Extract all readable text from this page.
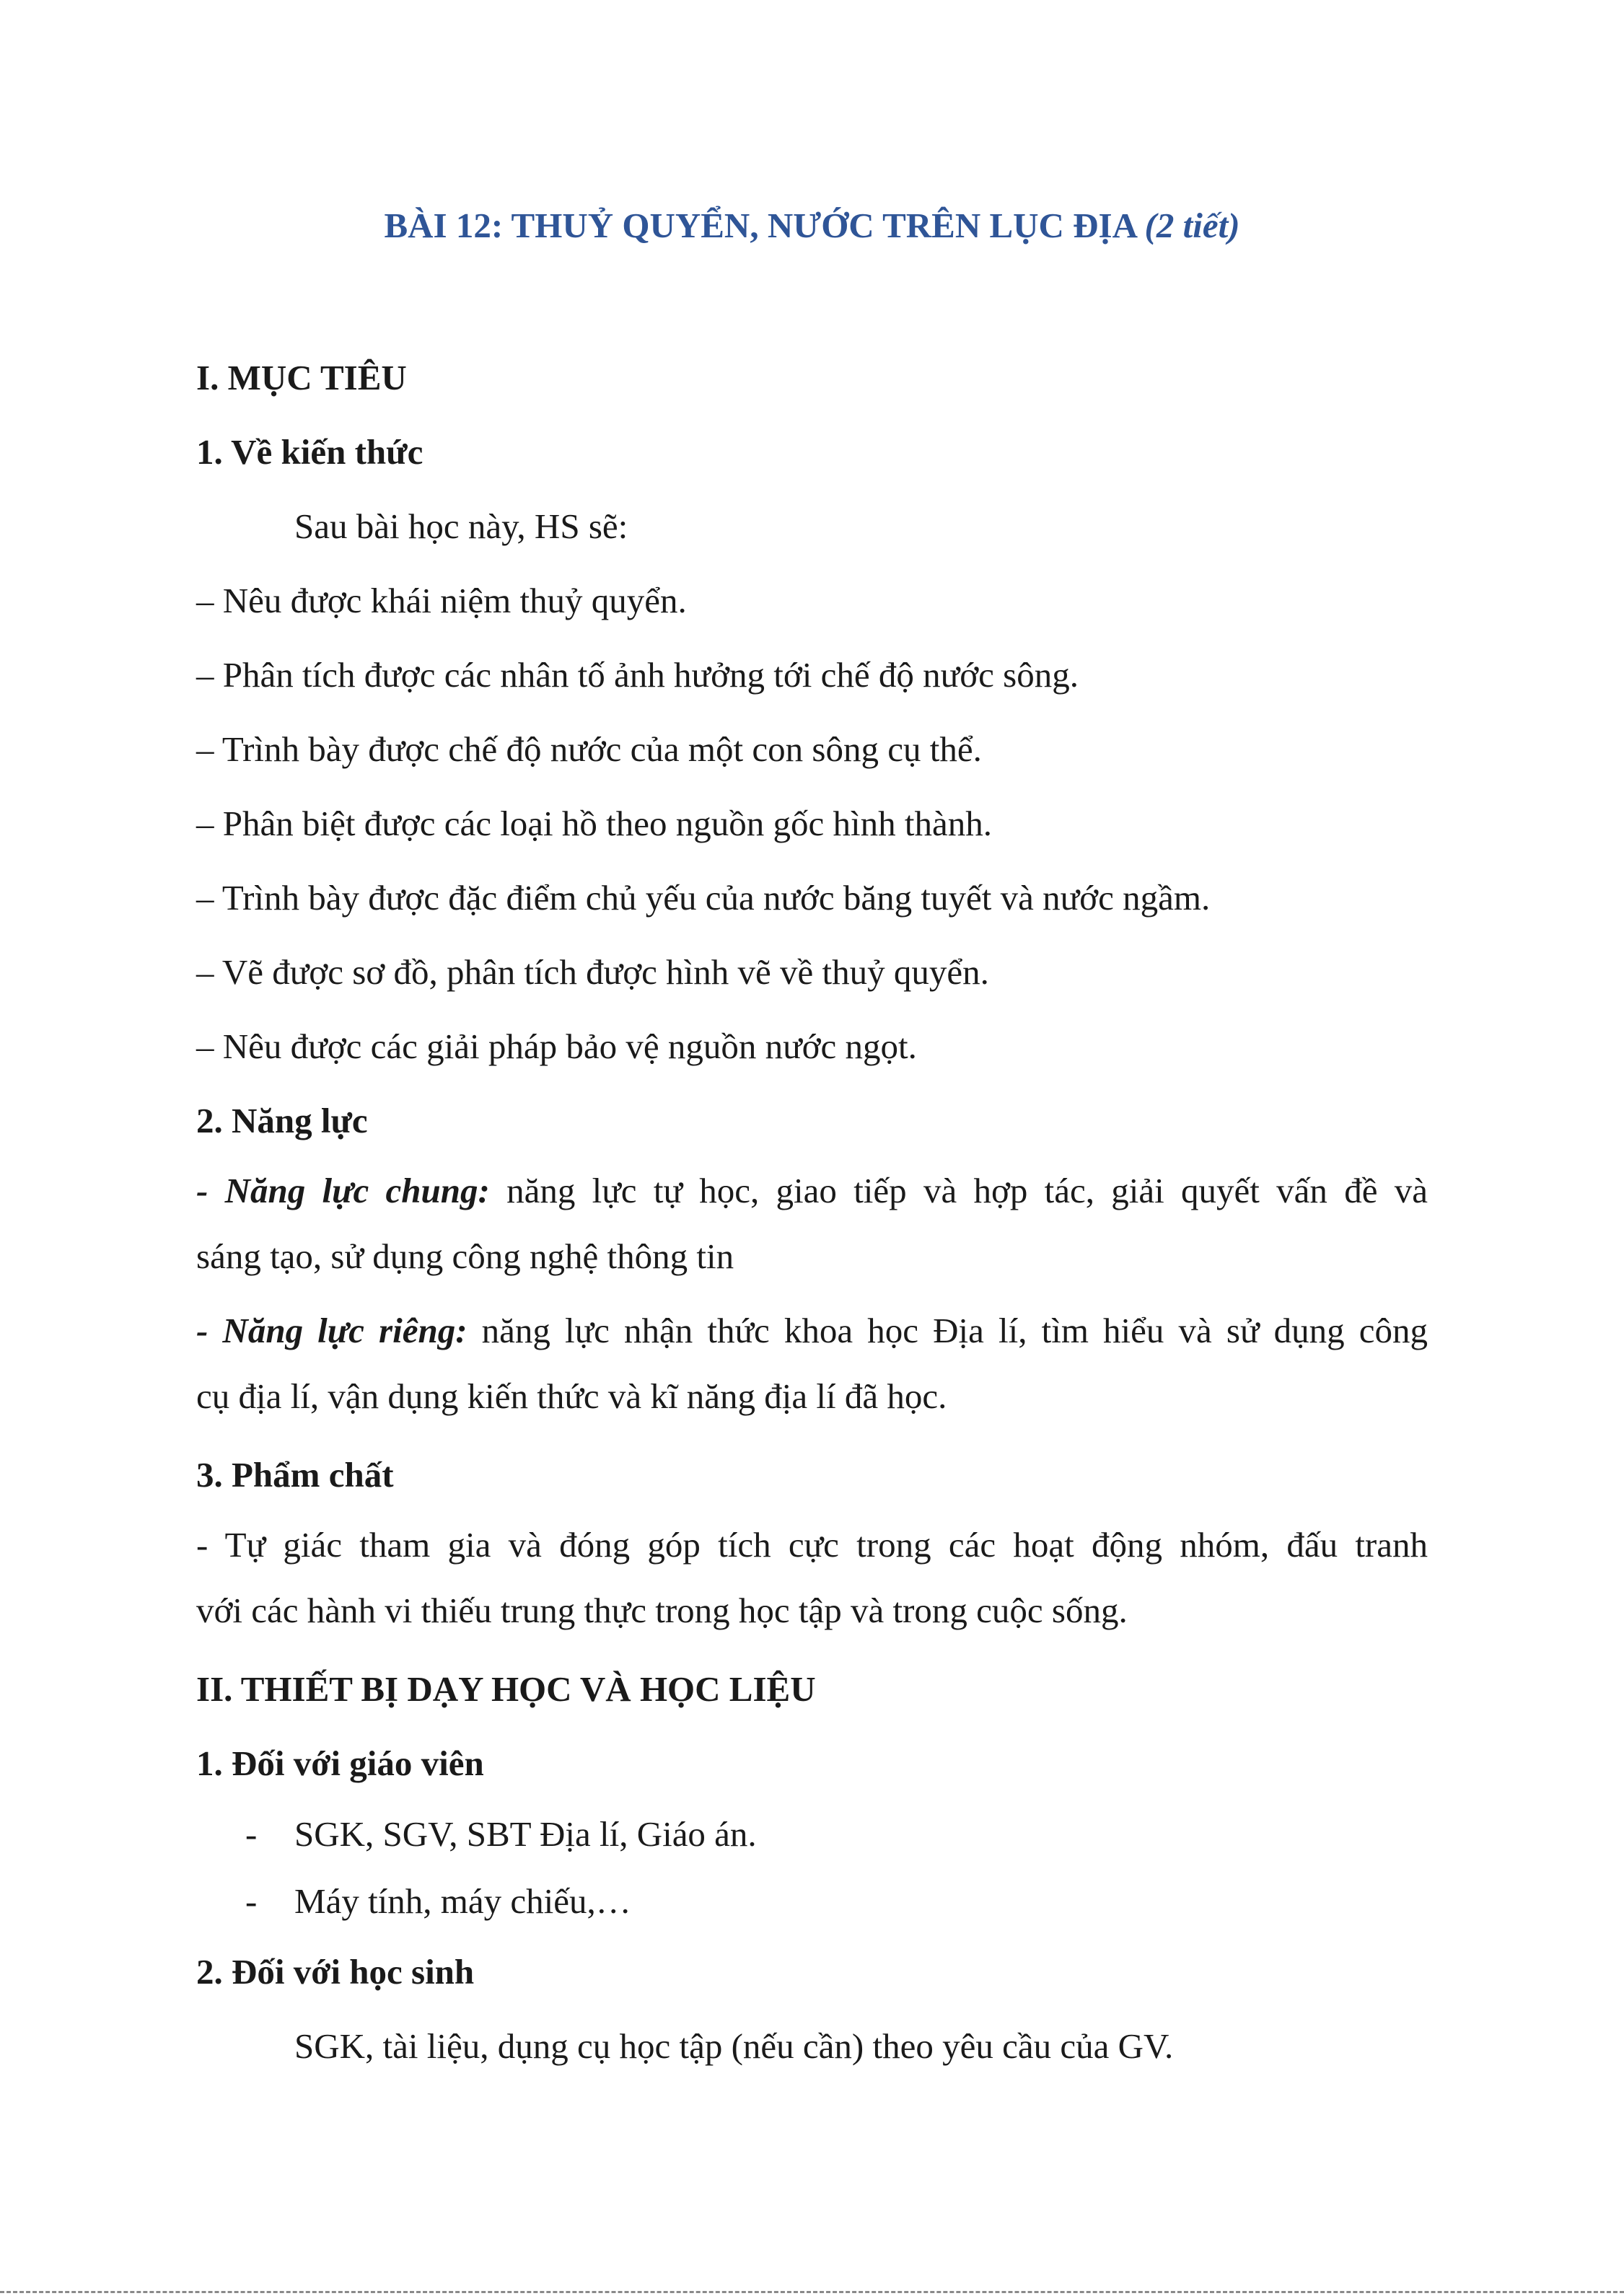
BÀI 12: THUỶ QUYỂN, NƯỚC TRÊN LỤC ĐỊA (2 tiết)
I. MỤC TIÊU
1. Về kiến thức
Sau bài học này, HS sẽ:
– Nêu được khái niệm thuỷ quyển.
– Phân tích được các nhân tố ảnh hưởng tới chế độ nước sông.
– Trình bày được chế độ nước của một con sông cụ thể.
– Phân biệt được các loại hồ theo nguồn gốc hình thành.
– Trình bày được đặc điểm chủ yếu của nước băng tuyết và nước ngầm.
– Vẽ được sơ đồ, phân tích được hình vẽ về thuỷ quyển.
– Nêu được các giải pháp bảo vệ nguồn nước ngọt.
2. Năng lực
- Năng lực chung: năng lực tự học, giao tiếp và hợp tác, giải quyết vấn đề và
sáng tạo, sử dụng công nghệ thông tin
- Năng lực riêng: năng lực nhận thức khoa học Địa lí, tìm hiểu và sử dụng công
cụ địa lí, vận dụng kiến thức và kĩ năng địa lí đã học.
3. Phẩm chất
- Tự giác tham gia và đóng góp tích cực trong các hoạt động nhóm, đấu tranh
với các hành vi thiếu trung thực trong học tập và trong cuộc sống.
II. THIẾT BỊ DẠY HỌC VÀ HỌC LIỆU
1. Đối với giáo viên
- SGK, SGV, SBT Địa lí, Giáo án.
- Máy tính, máy chiếu,…
2. Đối với học sinh
SGK, tài liệu, dụng cụ học tập (nếu cần) theo yêu cầu của GV.
